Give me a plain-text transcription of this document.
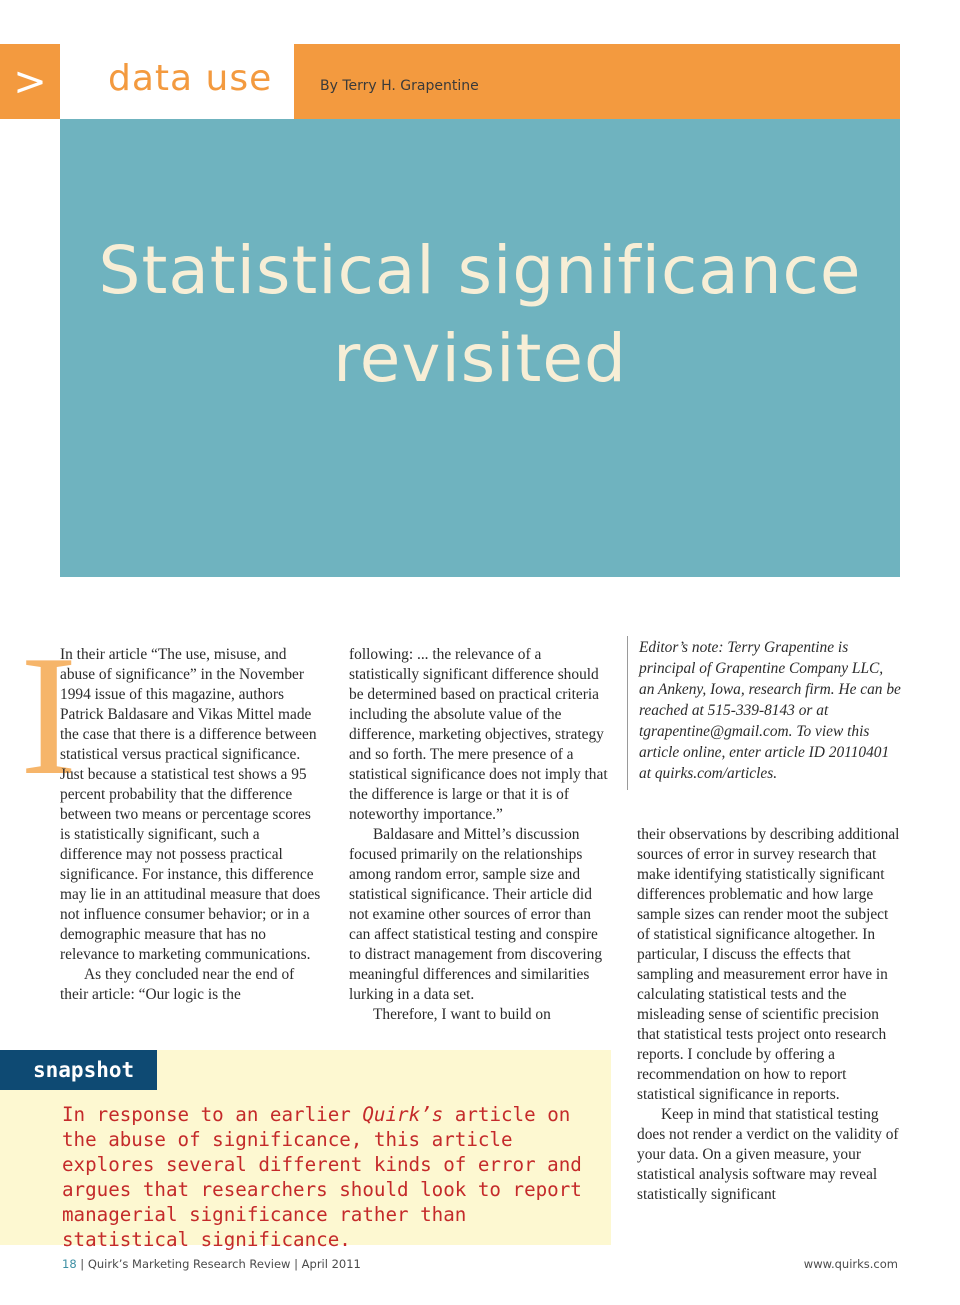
> data use	By Terry H. Grapentine
Statistical significance
revisited
I

In their article “The use, misuse, and abuse of significance” in the November 1994 issue of this magazine, authors Patrick Baldasare and Vikas Mittel made the case that there is a difference between statistical versus practical significance. Just because a statistical test shows a 95 percent probability that the difference between two means or percentage scores is statistically significant, such a difference may not possess practical significance. For instance, this difference may lie in an attitudinal measure that does not influence consumer behavior; or in a demographic measure that has no relevance to marketing communications.

As they concluded near the end of their article: “Our logic is the

following: ... the relevance of a statistically significant difference should be determined based on practical criteria including the absolute value of the difference, marketing objectives, strategy and so forth. The mere presence of a statistical significance does not imply that the difference is large or that it is of noteworthy importance.”

Baldasare and Mittel’s discussion focused primarily on the relationships among random error, sample size and statistical significance. Their article did not examine other sources of error than can affect statistical testing and conspire to distract management from discovering meaningful differences and similarities lurking in a data set.

Therefore, I want to build on

Editor’s note: Terry Grapentine is principal of Grapentine Company LLC, an Ankeny, Iowa, research firm. He can be reached at 515-339-8143 or at tgrapentine@gmail.com. To view this article online, enter article ID 20110401 at quirks.com/articles.

their observations by describing additional sources of error in survey research that make identifying statistically significant differences problematic and how large sample sizes can render moot the subject of statistical significance altogether. In particular, I discuss the effects that sampling and measurement error have in calculating statistical tests and the misleading sense of scientific precision that statistical tests project onto research reports. I conclude by offering a recommendation on how to report statistical significance in reports.

Keep in mind that statistical testing does not render a verdict on the validity of your data. On a given measure, your statistical analysis software may reveal statistically significant

snapshot
In response to an earlier Quirk’s article on the abuse of significance, this article explores several different kinds of error and argues that researchers should look to report managerial significance rather than statistical significance.
18 | Quirk’s Marketing Research Review | April 2011	www.quirks.com
